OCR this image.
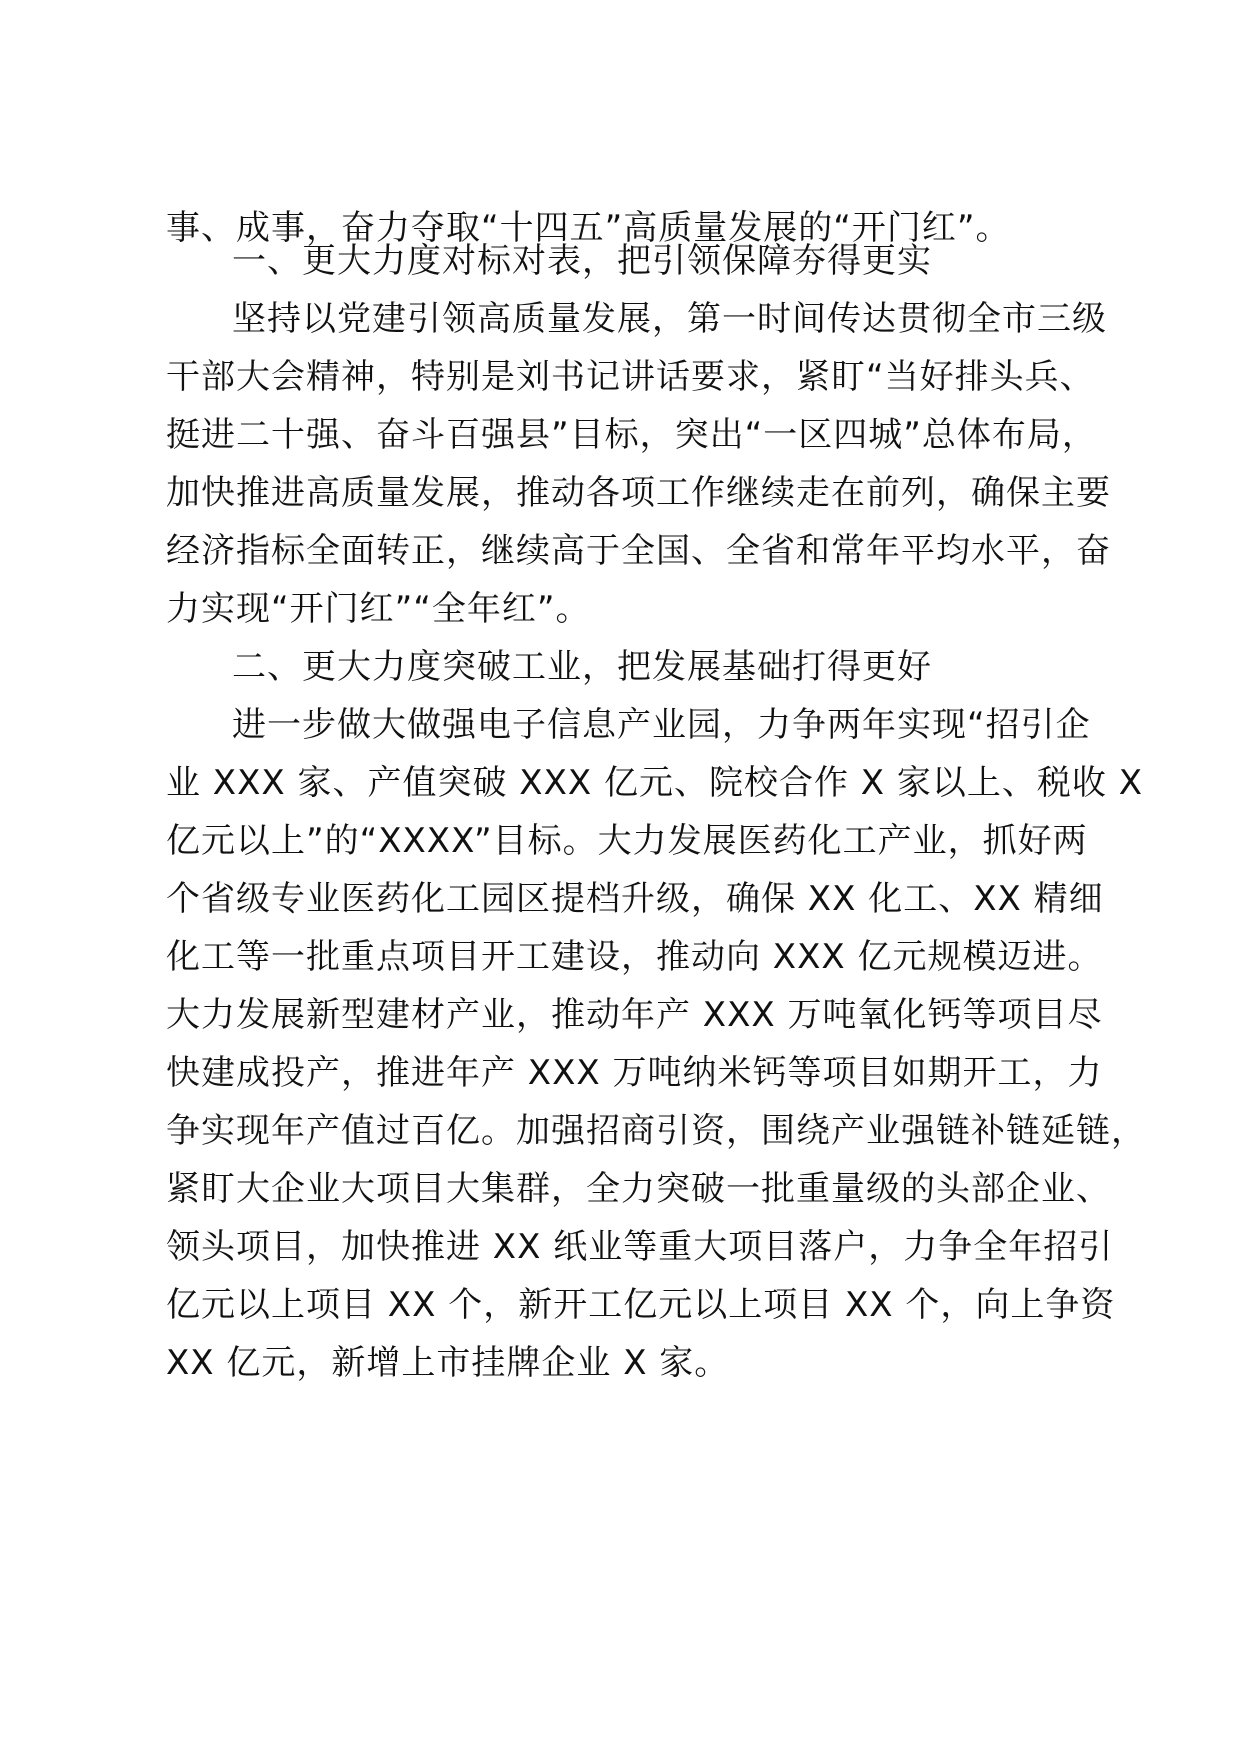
事、成事，奋力夺取“十四五”高质量发展的“开门红”。
一、更大力度对标对表，把引领保障夯得更实
坚持以党建引领高质量发展，第一时间传达贯彻全市三级
干部大会精神，特别是刘书记讲话要求，紧盯“当好排头兵、
挺进二十强、奋斗百强县”目标，突出“一区四城”总体布局，
加快推进高质量发展，推动各项工作继续走在前列，确保主要
经济指标全面转正，继续高于全国、全省和常年平均水平，奋
力实现“开门红”“全年红”。
二、更大力度突破工业，把发展基础打得更好
进一步做大做强电子信息产业园，力争两年实现“招引企
业 XXX 家、产值突破 XXX 亿元、院校合作 X 家以上、税收 X
亿元以上”的“XXXX”目标。大力发展医药化工产业，抓好两
个省级专业医药化工园区提档升级，确保 XX 化工、XX 精细
化工等一批重点项目开工建设，推动向 XXX 亿元规模迈进。
大力发展新型建材产业，推动年产 XXX 万吨氧化钙等项目尽
快建成投产，推进年产 XXX 万吨纳米钙等项目如期开工，力
争实现年产值过百亿。加强招商引资，围绕产业强链补链延链，
紧盯大企业大项目大集群，全力突破一批重量级的头部企业、
领头项目，加快推进 XX 纸业等重大项目落户，力争全年招引
亿元以上项目 XX 个，新开工亿元以上项目 XX 个，向上争资
XX 亿元，新增上市挂牌企业 X 家。
